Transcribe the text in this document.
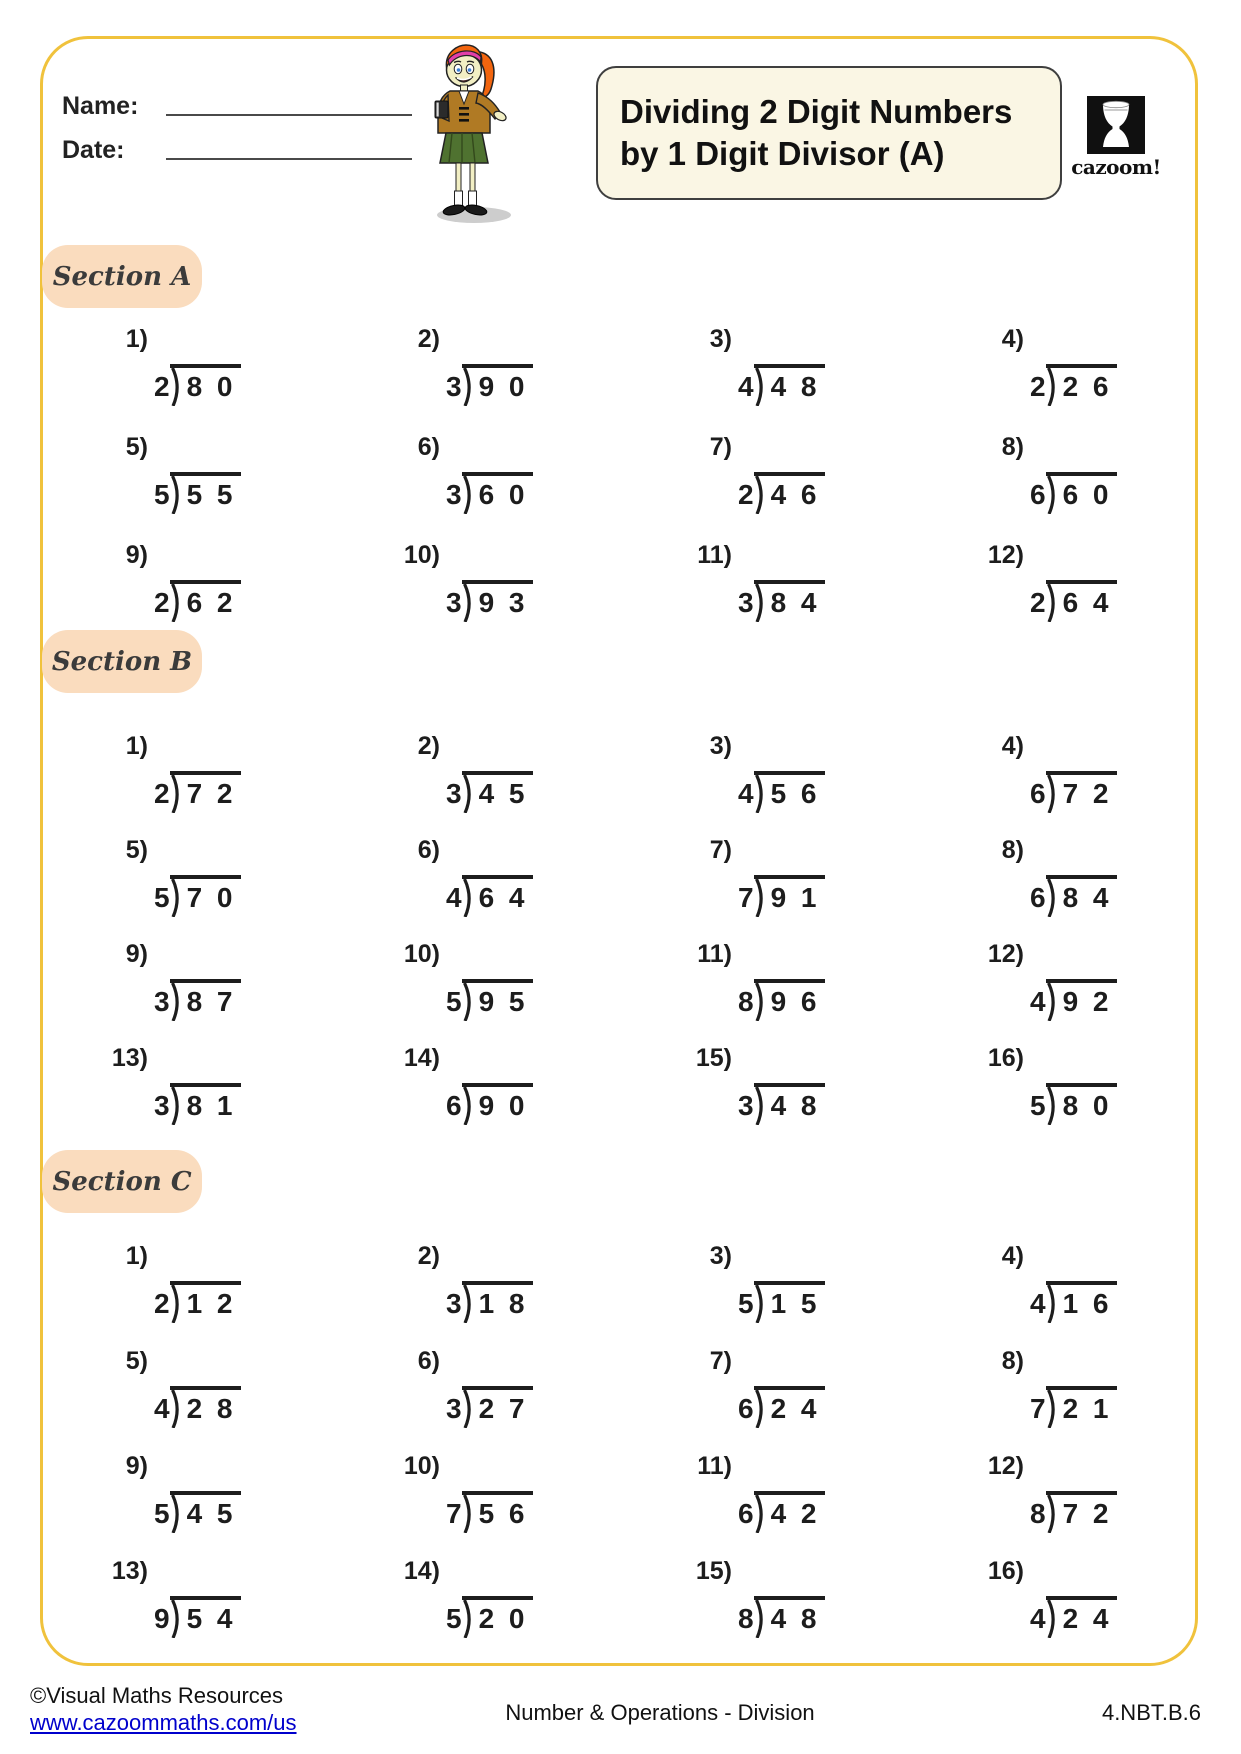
Name:
Date:
Dividing 2 Digit Numbers
by 1 Digit Divisor (A)	cazoom!
Section A
Section B
Section C
1)
2 8 0
2)
3 9 0
3)
4 4 8
4)
2 2 6
5)
5 5 5
6)
3 6 0
7)
2 4 6
8)
6 6 0
9)
2 6 2
10)
3 9 3
11)
3 8 4
12)
2 6 4
1)
2 7 2
2)
3 4 5
3)
4 5 6
4)
6 7 2
5)
5 7 0
6)
4 6 4
7)
7 9 1
8)
6 8 4
9)
3 8 7
10)
5 9 5
11)
8 9 6
12)
4 9 2
13)
3 8 1
14)
6 9 0
15)
3 4 8
16)
5 8 0
1)
2 1 2
2)
3 1 8
3)
5 1 5
4)
4 1 6
5)
4 2 8
6)
3 2 7
7)
6 2 4
8)
7 2 1
9)
5 4 5
10)
7 5 6
11)
6 4 2
12)
8 7 2
13)
9 5 4
14)
5 2 0
15)
8 4 8
16)
4 2 4
©Visual Maths Resources
www.cazoommaths.com/us	Number & Operations - Division	4.NBT.B.6
